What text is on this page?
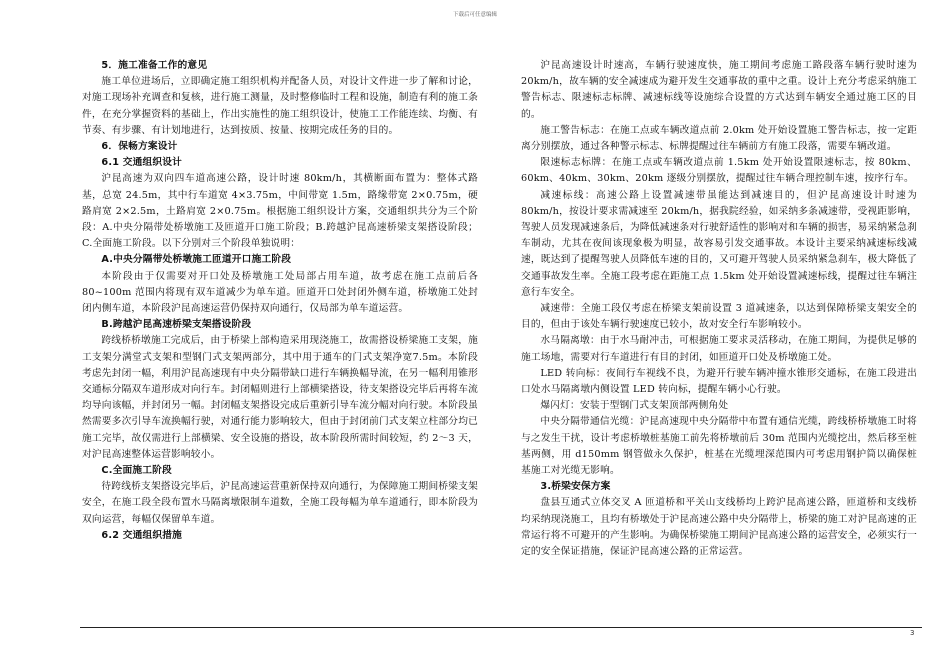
下载后可任意编辑

5．施工准备工作的意见

施工单位进场后，立即确定施工组织机构并配备人员，对设计文件进一步了解和讨论，对施工现场补充调查和复核，进行施工测量，及时整修临时工程和设施，制造有利的施工条件，在充分掌握资料的基础上，作出实施性的施工组织设计，使施工工作能连续、均衡、有节奏、有步骤、有计划地进行，达到按质、按量、按期完成任务的目的。

6．保畅方案设计

6.1 交通组织设计

沪昆高速为双向四车道高速公路，设计时速 80km/h，其横断面布置为：整体式路基，总宽 24.5m，其中行车道宽 4×3.75m，中间带宽 1.5m，路缘带宽 2×0.75m，硬路肩宽 2×2.5m，土路肩宽 2×0.75m。根据施工组织设计方案，交通组织共分为三个阶段：A.中央分隔带处桥墩施工及匝道开口施工阶段；B.跨越沪昆高速桥梁支架搭设阶段；C.全面施工阶段。以下分别对三个阶段单独说明：

A.中央分隔带处桥墩施工匝道开口施工阶段

本阶段由于仅需要对开口处及桥墩施工处局部占用车道，故考虑在施工点前后各 80~100m 范围内将现有双车道减少为单车道。匝道开口处封闭外侧车道，桥墩施工处封闭内侧车道，本阶段沪昆高速运营仍保持双向通行，仅局部为单车道运营。

B.跨越沪昆高速桥梁支架搭设阶段

跨线桥桥墩施工完成后，由于桥梁上部构造采用现浇施工，故需搭设桥梁施工支架，施工支架分满堂式支架和型钢门式支架两部分，其中用于通车的门式支架净宽7.5m。本阶段考虑先封闭一幅，利用沪昆高速现有中央分隔带缺口进行车辆换幅导流，在另一幅利用锥形交通标分隔双车道形成对向行车。封闭幅则进行上部横梁搭设，待支架搭设完毕后再将车流均导向该幅，并封闭另一幅。封闭幅支架搭设完成后重新引导车流分幅对向行驶。本阶段虽然需要多次引导车流换幅行驶，对通行能力影响较大，但由于封闭前门式支架立柱部分均已施工完毕，故仅需进行上部横梁、安全设施的搭设，故本阶段所需时间较短，约 2～3 天，对沪昆高速整体运营影响较小。

C.全面施工阶段

待跨线桥支架搭设完毕后，沪昆高速运营重新保持双向通行，为保障施工期间桥梁支架安全，在施工段全段布置水马隔离墩限制车道数，全施工段每幅为单车道通行，即本阶段为双向运营，每幅仅保留单车道。

6.2 交通组织措施

沪昆高速设计时速高，车辆行驶速度快，施工期间考虑施工路段落车辆行驶时速为 20km/h，故车辆的安全减速成为避开发生交通事故的重中之重。设计上充分考虑采纳施工警告标志、限速标志标牌、减速标线等设施综合设置的方式达到车辆安全通过施工区的目的。

施工警告标志：在施工点或车辆改道点前 2.0km 处开始设置施工警告标志，按一定距离分别摆放，通过各种警示标志、标牌提醒过往车辆前方有施工段落，需要车辆改道。

限速标志标牌：在施工点或车辆改道点前 1.5km 处开始设置限速标志，按 80km、60km、40km、30km、20km 逐级分别摆放，提醒过往车辆合理控制车速，按序行车。

减速标线：高速公路上设置减速带虽能达到减速目的，但沪昆高速设计时速为 80km/h，按设计要求需减速至 20km/h，据我院经验，如采纳多条减速带，受视距影响，驾驶人员发现减速条后，为降低减速条对行驶舒适性的影响对和车辆的损害，易采纳紧急刹车制动，尤其在夜间该现象极为明显，故容易引发交通事故。本设计主要采纳减速标线减速，既达到了提醒驾驶人员降低车速的目的，又可避开驾驶人员采纳紧急刹车，极大降低了交通事故发生率。全施工段考虑在距施工点 1.5km 处开始设置减速标线，提醒过往车辆注意行车安全。

减速带：全施工段仅考虑在桥梁支架前设置 3 道减速条，以达到保障桥梁支架安全的目的，但由于该处车辆行驶速度已较小，故对安全行车影响较小。

水马隔离墩：由于水马耐冲击，可根据施工要求灵活移动，在施工期间，为提供足够的施工场地，需要对行车道进行有目的封闭，如匝道开口处及桥墩施工处。

LED 转向标：夜间行车视线不良，为避开行驶车辆冲撞水锥形交通标，在施工段进出口处水马隔离墩内侧设置 LED 转向标，提醒车辆小心行驶。

爆闪灯：安装于型钢门式支架顶部两侧角处

中央分隔带通信光缆：沪昆高速现中央分隔带中布置有通信光缆，跨线桥桥墩施工时将与之发生干扰，设计考虑桥墩桩基施工前先将桥墩前后 30m 范围内光缆挖出，然后移至桩基两侧，用 d150mm 钢管做永久保护，桩基在光缆埋深范围内可考虑用钢护筒以确保桩基施工对光缆无影响。

3.桥梁安保方案

盘县互通式立体交叉 A 匝道桥和平关山支线桥均上跨沪昆高速公路，匝道桥和支线桥均采纳现浇施工，且均有桥墩处于沪昆高速公路中央分隔带上，桥梁的施工对沪昆高速的正常运行将不可避开的产生影响。为确保桥梁施工期间沪昆高速公路的运营安全，必须实行一定的安全保证措施，保证沪昆高速公路的正常运营。

3
